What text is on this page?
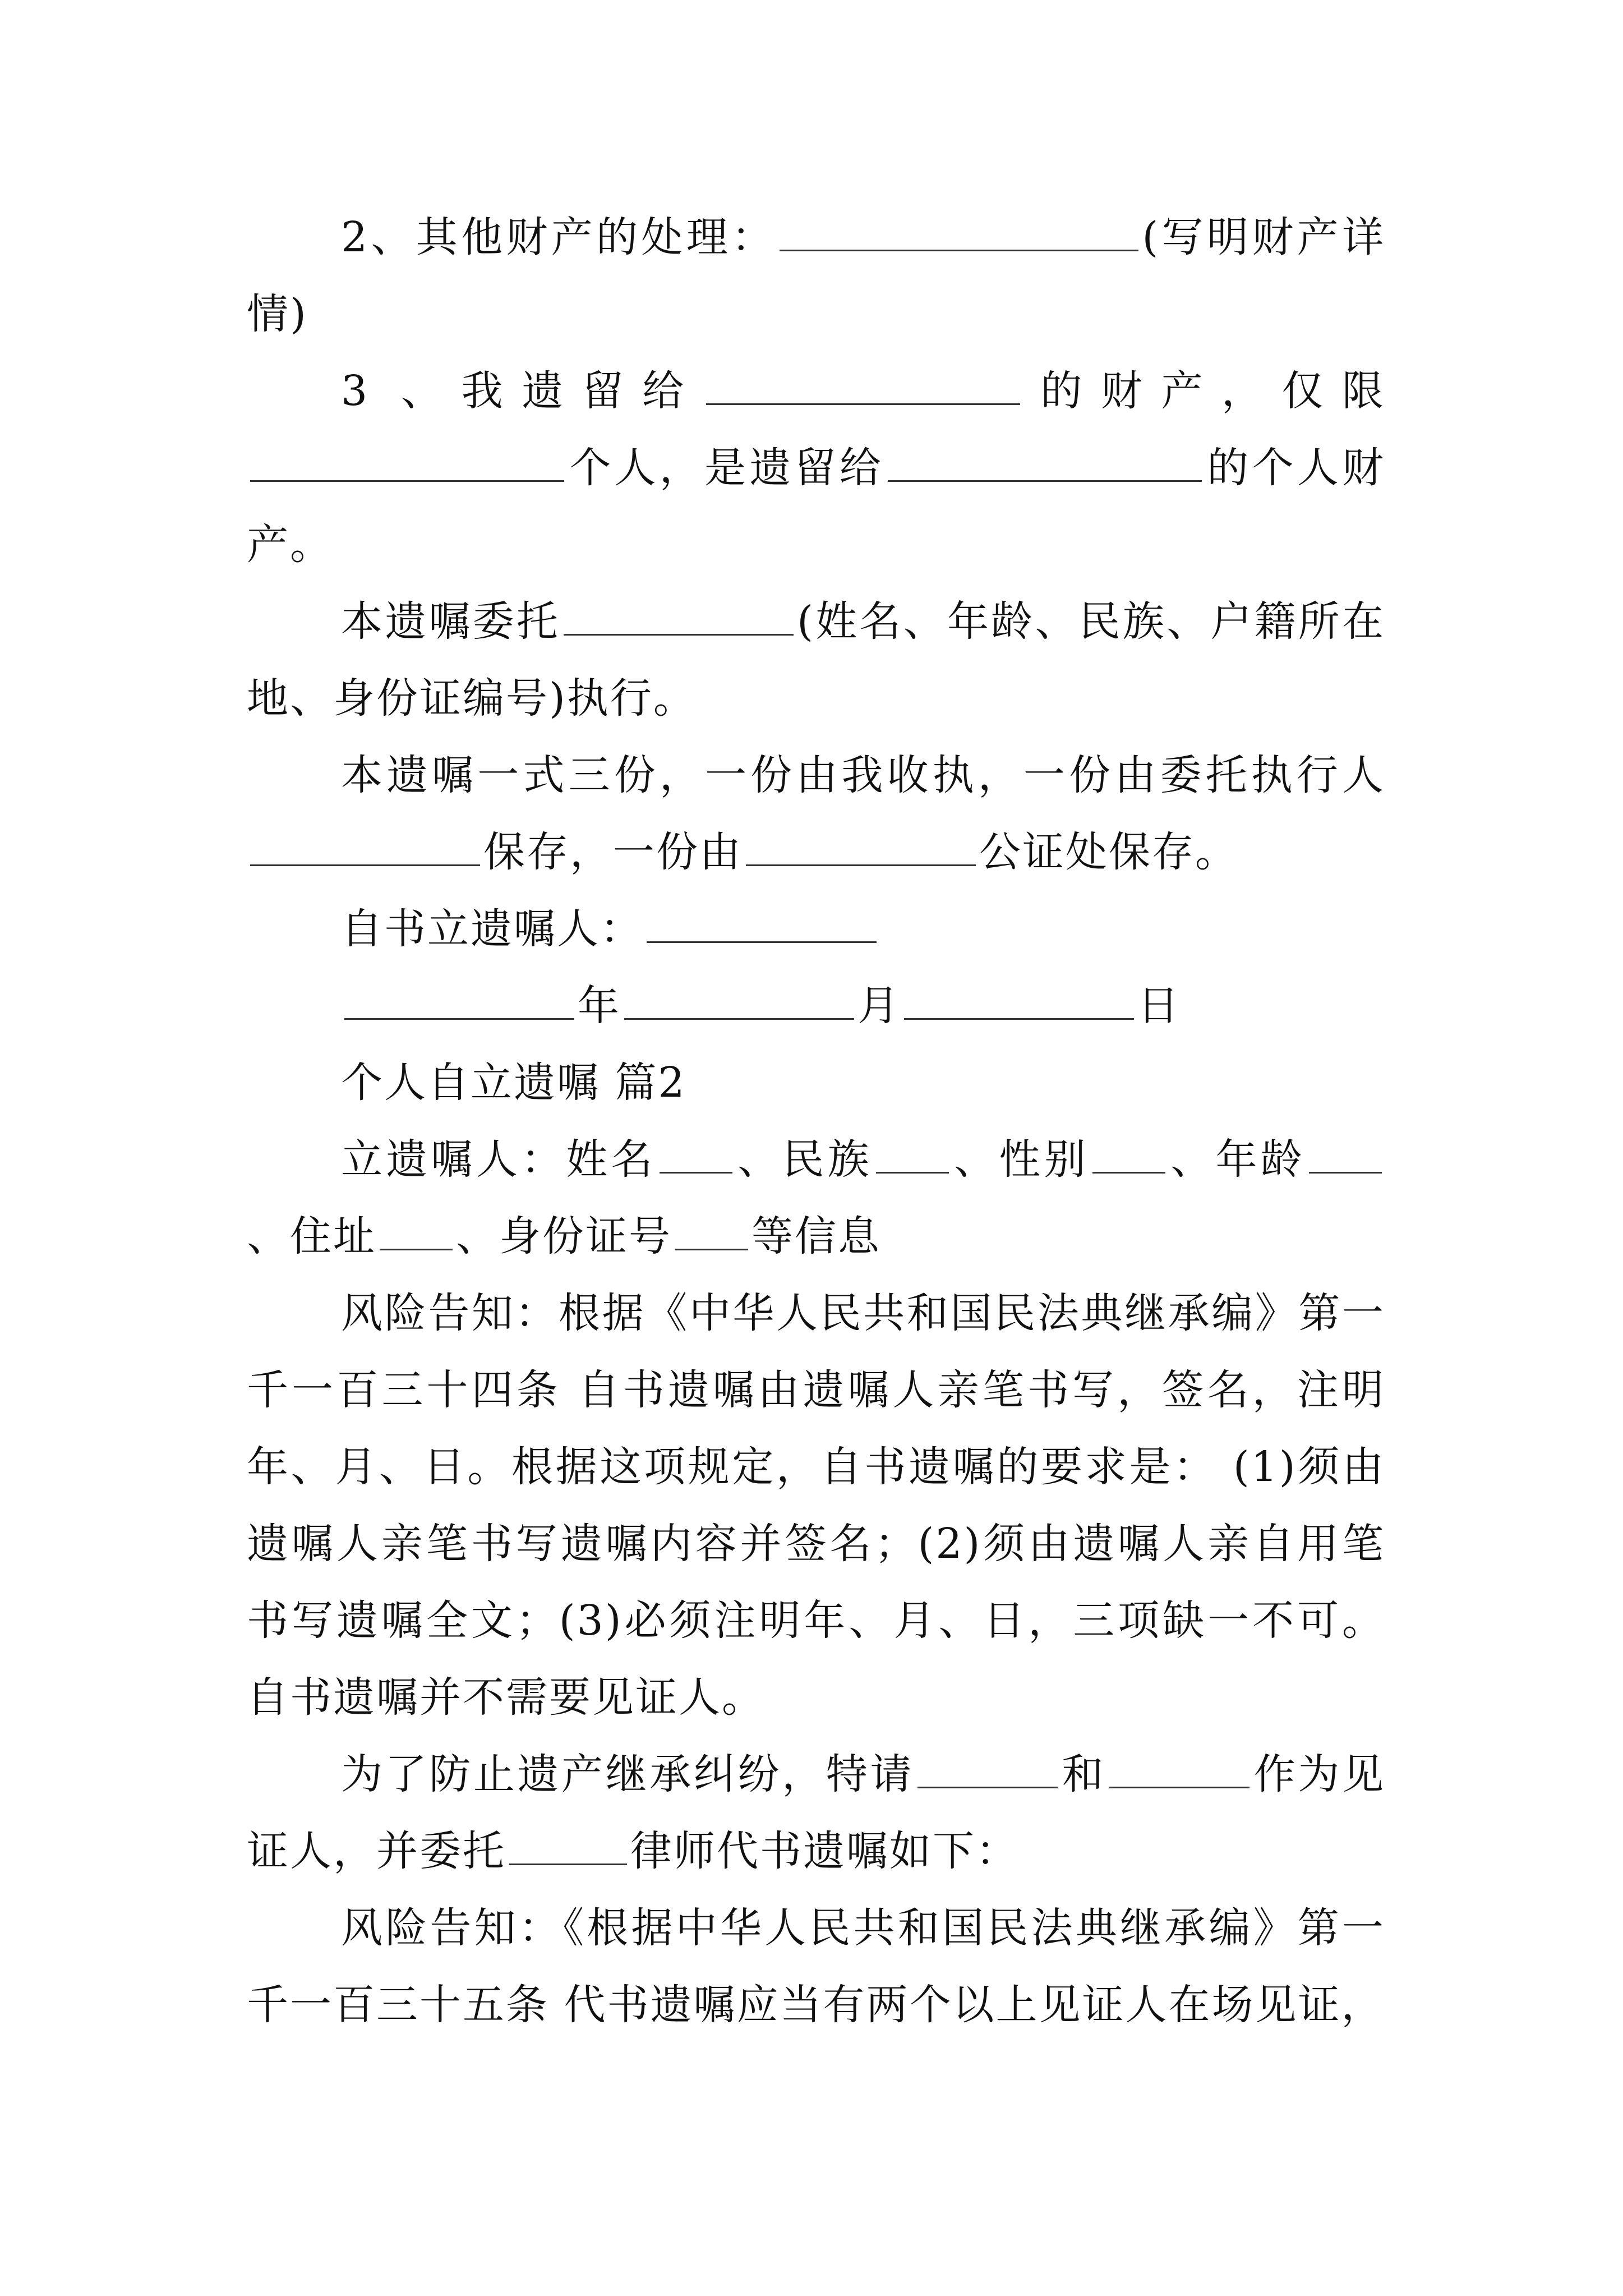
2、其他财产的处理：	(写明财产详情)

3 、我遗留给	的财产，仅限个人，是遗留给	的个人财产。

本遗嘱委托	(姓名、年龄、民族、户籍所在地、身份证编号)执行。

本遗嘱一式三份，一份由我收执，一份由委托执行人保存，一份由	公证处保存。

自书立遗嘱人：

年	月	日

个人自立遗嘱 篇2

立遗嘱人：姓名 、民族 、性别 、年龄、住址 、身份证号 等信息

风险告知：根据《中华人民共和国民法典继承编》第一千一百三十四条 自书遗嘱由遗嘱人亲笔书写，签名，注明年、月、日。根据这项规定，自书遗嘱的要求是： (1)须由遗嘱人亲笔书写遗嘱内容并签名；(2)须由遗嘱人亲自用笔书写遗嘱全文；(3)必须注明年、月、日，三项缺一不可。自书遗嘱并不需要见证人。

为了防止遗产继承纠纷，特请	和	作为见证人，并委托	律师代书遗嘱如下：

风险告知：《根据中华人民共和国民法典继承编》第一千一百三十五条 代书遗嘱应当有两个以上见证人在场见证，
